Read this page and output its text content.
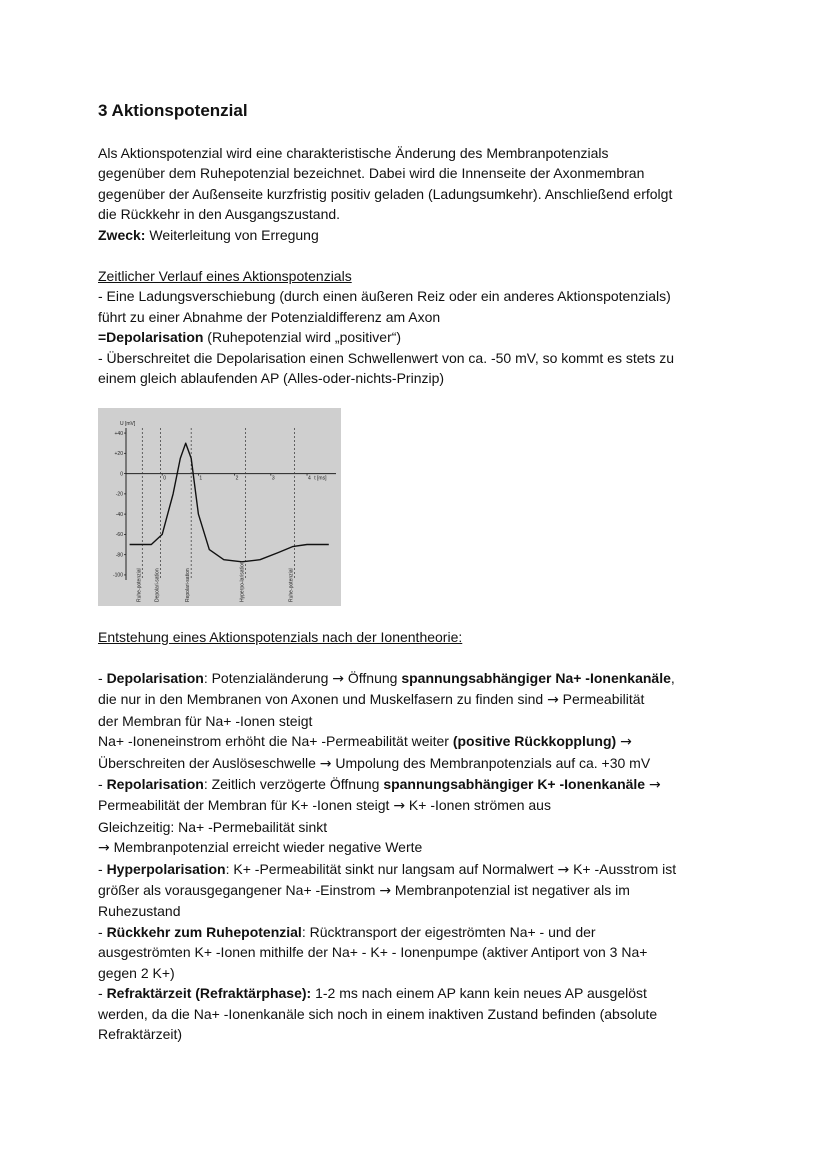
3 Aktionspotenzial
Als Aktionspotenzial wird eine charakteristische Änderung des Membranpotenzials
gegenüber dem Ruhepotenzial bezeichnet. Dabei wird die Innenseite der Axonmembran
gegenüber der Außenseite kurzfristig positiv geladen (Ladungsumkehr). Anschließend erfolgt
die Rückkehr in den Ausgangszustand.
Zweck: Weiterleitung von Erregung
Zeitlicher Verlauf eines Aktionspotenzials
- Eine Ladungsverschiebung (durch einen äußeren Reiz oder ein anderes Aktionspotenzials)
führt zu einer Abnahme der Potenzialdifferenz am Axon
=Depolarisation (Ruhepotenzial wird „positiver“)
- Überschreitet die Depolarisation einen Schwellenwert von ca. -50 mV, so kommt es stets zu
einem gleich ablaufenden AP (Alles-oder-nichts-Prinzip)
U [mV]
+40
+20
0
-20
-40
-60
-80
-100
0	1	2	3	4 t [ms]
Ruhe-potenzial Depolari-sation	Repolari-sation	Hyperpo-larisation	Ruhe-potenzial
Entstehung eines Aktionspotenzials nach der Ionentheorie:
- Depolarisation: Potenzialänderung → Öffnung spannungsabhängiger Na+ -Ionenkanäle,
die nur in den Membranen von Axonen und Muskelfasern zu finden sind → Permeabilität
der Membran für Na+ -Ionen steigt
Na+ -Ioneneinstrom erhöht die Na+ -Permeabilität weiter (positive Rückkopplung) →
Überschreiten der Auslöseschwelle → Umpolung des Membranpotenzials auf ca. +30 mV
- Repolarisation: Zeitlich verzögerte Öffnung spannungsabhängiger K+ -Ionenkanäle →
Permeabilität der Membran für K+ -Ionen steigt → K+ -Ionen strömen aus
Gleichzeitig: Na+ -Permebailität sinkt
→ Membranpotenzial erreicht wieder negative Werte
- Hyperpolarisation: K+ -Permeabilität sinkt nur langsam auf Normalwert → K+ -Ausstrom ist
größer als vorausgegangener Na+ -Einstrom → Membranpotenzial ist negativer als im
Ruhezustand
- Rückkehr zum Ruhepotenzial: Rücktransport der eigeströmten Na+ - und der
ausgeströmten K+ -Ionen mithilfe der Na+ - K+ - Ionenpumpe (aktiver Antiport von 3 Na+
gegen 2 K+)
- Refraktärzeit (Refraktärphase): 1-2 ms nach einem AP kann kein neues AP ausgelöst
werden, da die Na+ -Ionenkanäle sich noch in einem inaktiven Zustand befinden (absolute
Refraktärzeit)
